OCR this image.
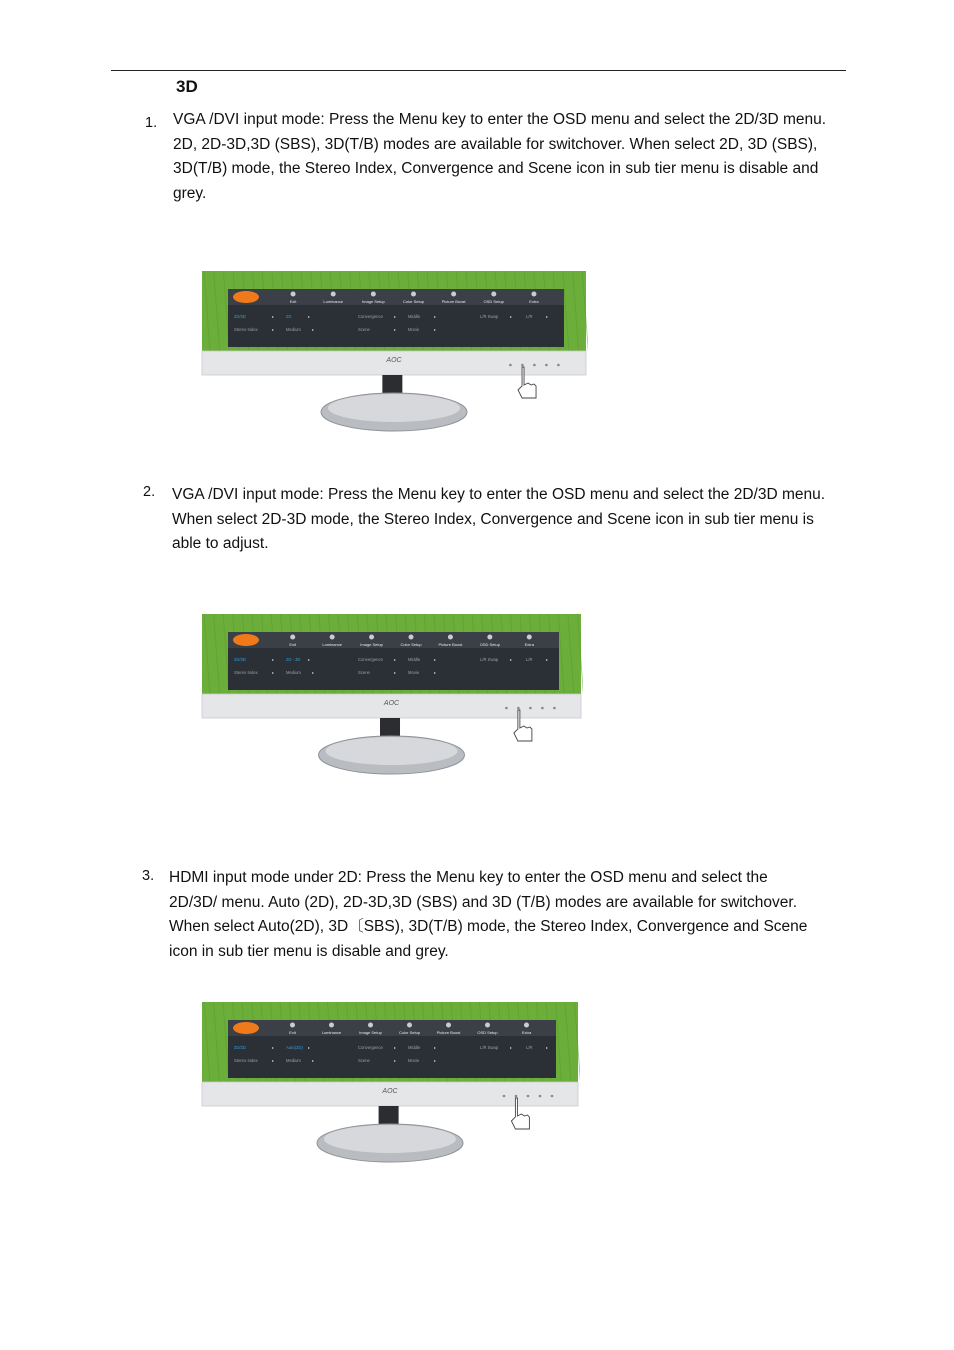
3D
1. VGA /DVI input mode: Press the Menu key to enter the OSD menu and select the 2D/3D menu. 2D, 2D-3D,3D (SBS), 3D(T/B) modes are available for switchover. When select 2D, 3D (SBS), 3D(T/B) mode, the Stereo Index, Convergence and Scene icon in sub tier menu is disable and grey.
Exit	Luminance	Image Setup	Color Setup	Picture Boost	OSD Setup	Extra
2D/3D	2D	Convergence	Middle	L/R Swap	L/R
Stereo Index	Medium	Scene	Movie
▸	▸	▸	▸	▸	▸
▸	▸	▸	▸
AOC
2. VGA /DVI input mode: Press the Menu key to enter the OSD menu and select the 2D/3D menu. When select 2D-3D mode, the Stereo Index, Convergence and Scene icon in sub tier menu is able to adjust.
Exit	Luminance	Image Setup	Color Setup	Picture Boost	OSD Setup	Extra
2D/3D	2D - 3D	Convergence	Middle	L/R Swap	L/R
Stereo Index	Medium	Scene	Movie
▸	▸	▸	▸	▸	▸
▸	▸	▸	▸
AOC
3. HDMI input mode under 2D: Press the Menu key to enter the OSD menu and select the 2D/3D/ menu. Auto (2D), 2D-3D,3D (SBS) and 3D (T/B) modes are available for switchover. When select Auto(2D), 3D〔SBS), 3D(T/B) mode, the Stereo Index, Convergence and Scene icon in sub tier menu is disable and grey.
Exit	Luminance	Image Setup	Color Setup	Picture Boost	OSD Setup	Extra
2D/3D	Auto(2D)	Convergence	Middle	L/R Swap	L/R
Stereo Index	Medium	Scene	Movie
▸	▸	▸	▸	▸	▸
▸	▸	▸	▸
AOC
